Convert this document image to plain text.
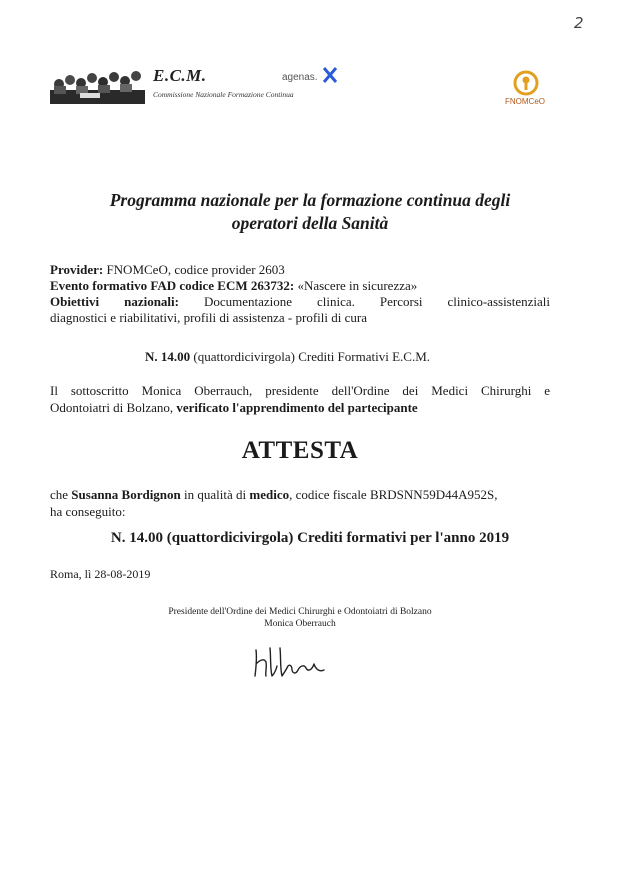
2
E.C.M.
Commissione Nazionale Formazione Continua
agenas.
FNOMCeO
Programma nazionale per la formazione continua degli
operatori della Sanità
Provider: FNOMCeO, codice provider 2603
Evento formativo FAD codice ECM 263732: «Nascere in sicurezza»
Obiettivi nazionali: Documentazione clinica. Percorsi clinico-assistenziali
diagnostici e riabilitativi, profili di assistenza - profili di cura
N. 14.00 (quattordicivirgola) Crediti Formativi E.C.M.
Il sottoscritto Monica Oberrauch, presidente dell'Ordine dei Medici Chirurghi e
Odontoiatri di Bolzano, verificato l'apprendimento del partecipante
ATTESTA
che Susanna Bordignon in qualità di medico, codice fiscale BRDSNN59D44A952S,
ha conseguito:
N. 14.00 (quattordicivirgola) Crediti formativi per l'anno 2019
Roma, lì 28-08-2019
Presidente dell'Ordine dei Medici Chirurghi e Odontoiatri di Bolzano
Monica Oberrauch
